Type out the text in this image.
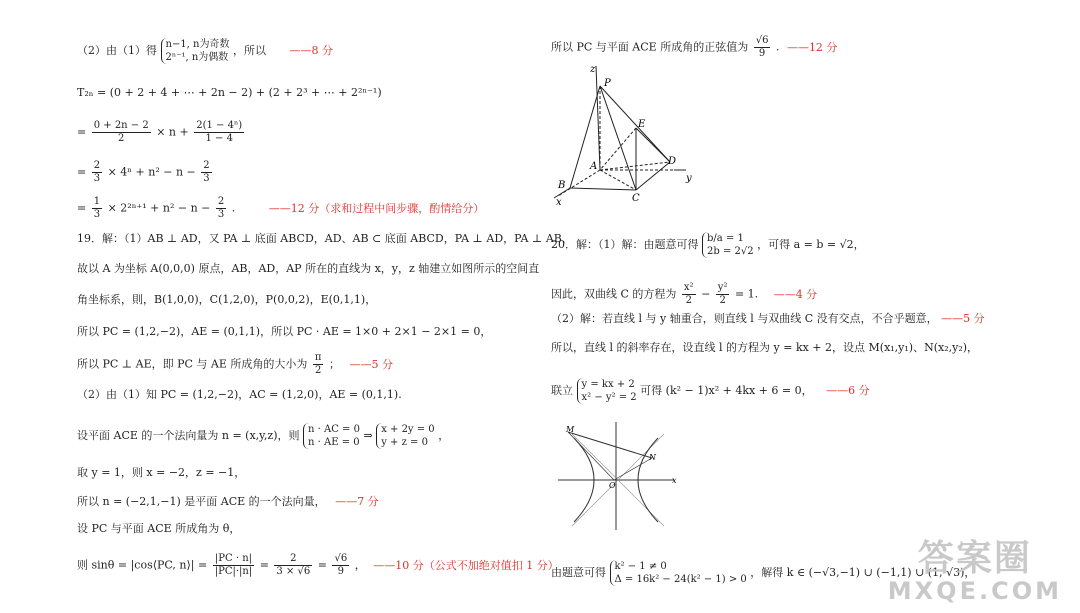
（2）由（1）得 n−1, n为奇数
2ⁿ⁻¹, n为偶数
，所以 ——8 分
T₂ₙ = (0 + 2 + 4 + ⋯ + 2n − 2) + (2 + 2³ + ⋯ + 2²ⁿ⁻¹)
= $\frac{0 + 2n - 2}{2} \times n + \frac{\text{2(1 − 4ⁿ)}}{1 - 4}$
= $\frac{2}{3} \times 4^n + n^2 - n - \frac{2}{3}$
= $\frac{1}{3} \times 2^{2n+1} + n^2 - n - \frac{2}{3}$ .	——12 分（求和过程中间步骤，酌情给分）
19．解：（1）AB ⊥ AD，又 PA ⊥ 底面 ABCD，AD、AB ⊂ 底面 ABCD，PA ⊥ AD，PA ⊥ AB，
故以 A 为坐标 A(0,0,0) 原点，AB，AD，AP 所在的直线为 x，y，z 轴建立如图所示的空间直
角坐标系，則，B(1,0,0)，C(1,2,0)，P(0,0,2)，E(0,1,1)，
所以 PC = (1,2,−2)，AE = (0,1,1)，所以 PC · AE = 1×0 + 2×1 − 2×1 = 0，
所以 PC ⊥ AE，即 PC 与 AE 所成角的大小为 $\frac{\pi}{2}$ ； ——5 分
（2）由（1）知 PC = (1,2,−2)，AC = (1,2,0)，AE = (0,1,1).
设平面 ACE 的一个法向量为 n = (x,y,z)，则 n · AC = 0
n · AE = 0
⇒ x + 2y = 0
y + z = 0
，
取 y = 1，则 x = −2，z = −1，
所以 n = (−2,1,−1) 是平面 ACE 的一个法向量， ——7 分
设 PC 与平面 ACE 所成角为 θ，
则 sinθ = |cos⟨PC, n⟩| = $\frac{|PC \cdot n|}{|PC|\cdot|n|} = \frac{2}{3 \times √6} = \frac{√6}{9}$ ， ——10 分（公式不加绝对值扣 1 分）
所以 PC 与平面 ACE 所成角的正弦值为 $\frac{√6}{9}$ . ——12 分
z
P
E
A	D
y
B
C
x
20．解：（1）解：由题意可得 b/a = 1
2b = 2√2
，可得 a = b = √2，
因此，双曲线 C 的方程为 $\frac{\text{x²}}{2} - \frac{\text{y²}}{2} = 1$. ——4 分
（2）解：若直线 l 与 y 轴重合，则直线 l 与双曲线 C 没有交点，不合乎题意， ——5 分
所以，直线 l 的斜率存在，设直线 l 的方程为 y = kx + 2，设点 M(x₁,y₁)、N(x₂,y₂)，
联立 y = kx + 2
x² − y² = 2
可得 (k² − 1)x² + 4kx + 6 = 0， ——6 分
M
N
O
x
由题意可得 k² − 1 ≠ 0
Δ = 16k² − 24(k² − 1) > 0
，解得 k ∈ (−√3,−1) ∪ (−1,1) ∪ (1, √3)，
答案圈
MXQE.COM
